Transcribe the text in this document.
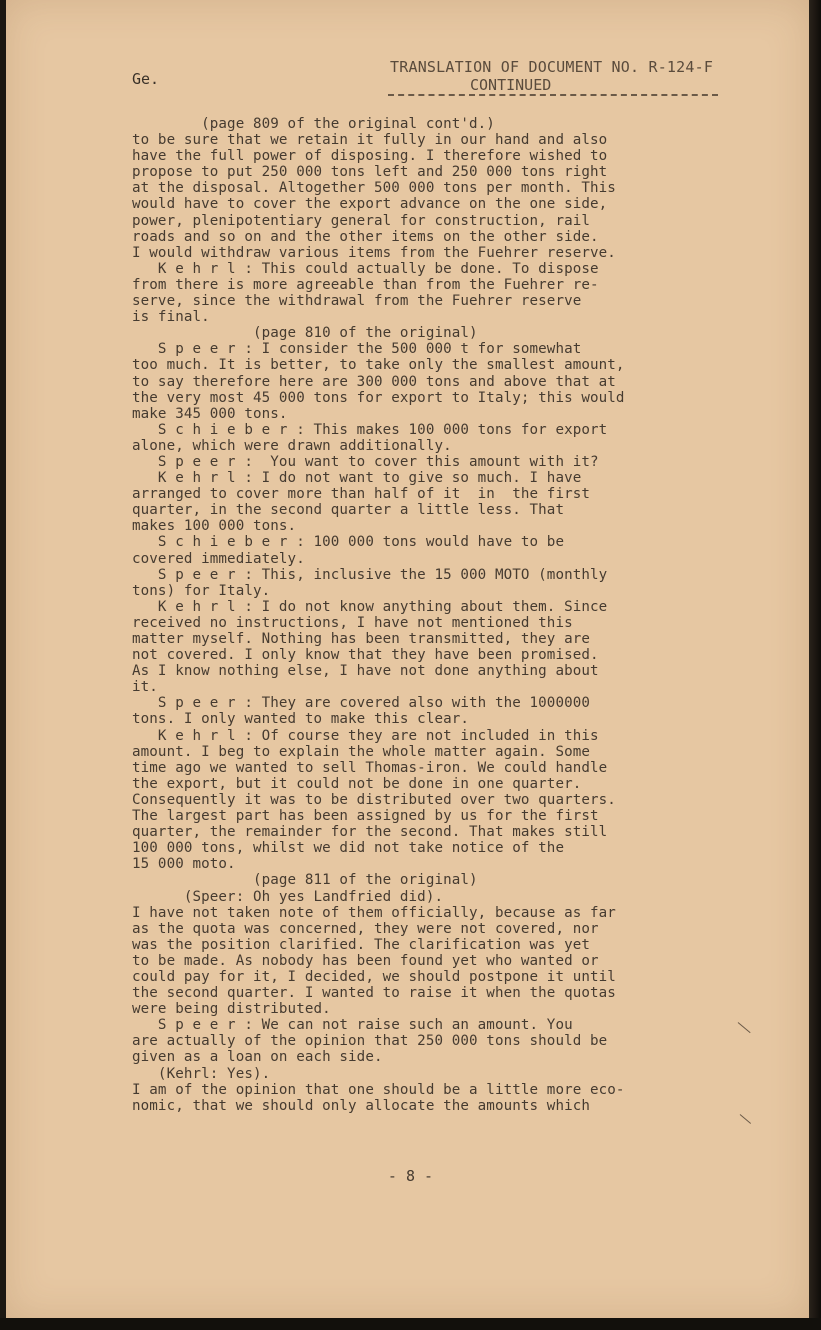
Ge.
TRANSLATION OF DOCUMENT NO. R-124-F
CONTINUED
(page 809 of the original cont'd.)
to be sure that we retain it fully in our hand and also
have the full power of disposing. I therefore wished to
propose to put 250 000 tons left and 250 000 tons right
at the disposal. Altogether 500 000 tons per month. This
would have to cover the export advance on the one side,
power, plenipotentiary general for construction, rail
roads and so on and the other items on the other side.
I would withdraw various items from the Fuehrer reserve.
K e h r l : This could actually be done. To dispose
from there is more agreeable than from the Fuehrer re-
serve, since the withdrawal from the Fuehrer reserve
is final.
(page 810 of the original)
S p e e r : I consider the 500 000 t for somewhat
too much. It is better, to take only the smallest amount,
to say therefore here are 300 000 tons and above that at
the very most 45 000 tons for export to Italy; this would
make 345 000 tons.
S c h i e b e r : This makes 100 000 tons for export
alone, which were drawn additionally.
S p e e r :  You want to cover this amount with it?
K e h r l : I do not want to give so much. I have
arranged to cover more than half of it  in  the first
quarter, in the second quarter a little less. That
makes 100 000 tons.
S c h i e b e r : 100 000 tons would have to be
covered immediately.
S p e e r : This, inclusive the 15 000 MOTO (monthly
tons) for Italy.
K e h r l : I do not know anything about them. Since
received no instructions, I have not mentioned this
matter myself. Nothing has been transmitted, they are
not covered. I only know that they have been promised.
As I know nothing else, I have not done anything about
it.
S p e e r : They are covered also with the 1000000
tons. I only wanted to make this clear.
K e h r l : Of course they are not included in this
amount. I beg to explain the whole matter again. Some
time ago we wanted to sell Thomas-iron. We could handle
the export, but it could not be done in one quarter.
Consequently it was to be distributed over two quarters.
The largest part has been assigned by us for the first
quarter, the remainder for the second. That makes still
100 000 tons, whilst we did not take notice of the
15 000 moto.
(page 811 of the original)
(Speer: Oh yes Landfried did).
I have not taken note of them officially, because as far
as the quota was concerned, they were not covered, nor
was the position clarified. The clarification was yet
to be made. As nobody has been found yet who wanted or
could pay for it, I decided, we should postpone it until
the second quarter. I wanted to raise it when the quotas
were being distributed.
S p e e r : We can not raise such an amount. You
are actually of the opinion that 250 000 tons should be
given as a loan on each side.
(Kehrl: Yes).
I am of the opinion that one should be a little more eco-
nomic, that we should only allocate the amounts which
- 8 -
